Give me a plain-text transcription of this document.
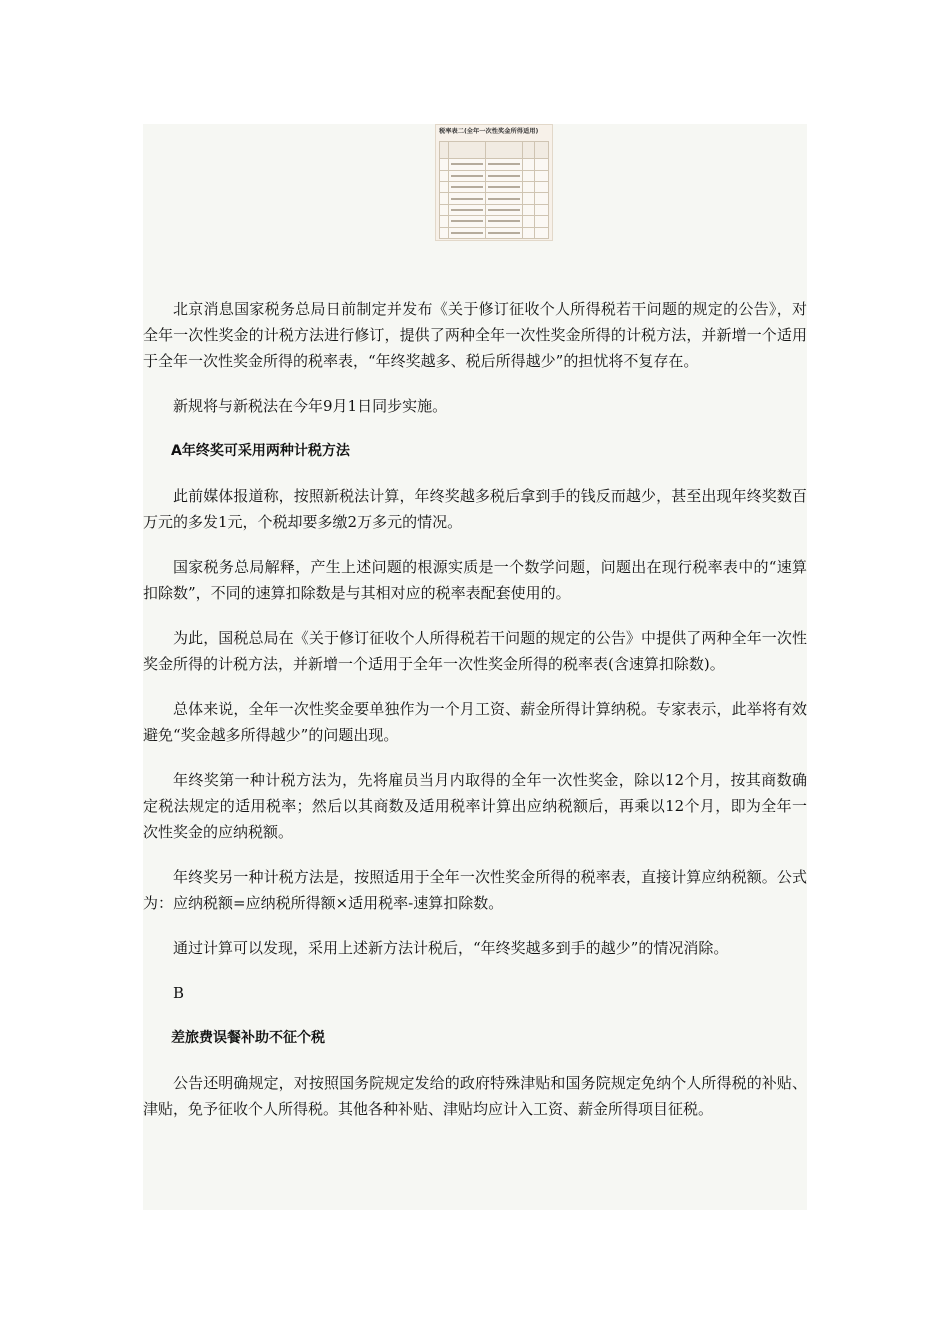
税率表二(全年一次性奖金所得适用)

北京消息国家税务总局日前制定并发布《关于修订征收个人所得税若干问题的规定的公告》，对全年一次性奖金的计税方法进行修订，提供了两种全年一次性奖金所得的计税方法，并新增一个适用于全年一次性奖金所得的税率表，“年终奖越多、税后所得越少”的担忧将不复存在。

新规将与新税法在今年9月1日同步实施。

A年终奖可采用两种计税方法

此前媒体报道称，按照新税法计算，年终奖越多税后拿到手的钱反而越少，甚至出现年终奖数百万元的多发1元，个税却要多缴2万多元的情况。

国家税务总局解释，产生上述问题的根源实质是一个数学问题，问题出在现行税率表中的“速算扣除数”，不同的速算扣除数是与其相对应的税率表配套使用的。

为此，国税总局在《关于修订征收个人所得税若干问题的规定的公告》中提供了两种全年一次性奖金所得的计税方法，并新增一个适用于全年一次性奖金所得的税率表(含速算扣除数)。

总体来说，全年一次性奖金要单独作为一个月工资、薪金所得计算纳税。专家表示，此举将有效避免“奖金越多所得越少”的问题出现。

年终奖第一种计税方法为，先将雇员当月内取得的全年一次性奖金，除以12个月，按其商数确定税法规定的适用税率；然后以其商数及适用税率计算出应纳税额后，再乘以12个月，即为全年一次性奖金的应纳税额。

年终奖另一种计税方法是，按照适用于全年一次性奖金所得的税率表，直接计算应纳税额。公式为：应纳税额=应纳税所得额×适用税率-速算扣除数。

通过计算可以发现，采用上述新方法计税后，“年终奖越多到手的越少”的情况消除。

B

差旅费误餐补助不征个税

公告还明确规定，对按照国务院规定发给的政府特殊津贴和国务院规定免纳个人所得税的补贴、津贴，免予征收个人所得税。其他各种补贴、津贴均应计入工资、薪金所得项目征税。
